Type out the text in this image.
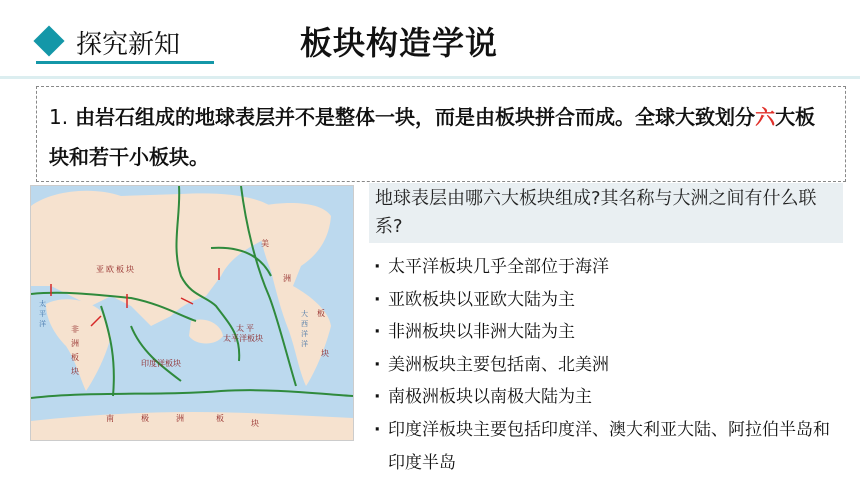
探究新知	板块构造学说
1. 由岩石组成的地球表层并不是整体一块，而是由板块拼合而成。全球大致划分六大板块和若干小板块。
亚 欧 板 块
太平洋板块
太 平
印度洋板块
美
洲
板
块
非
洲
板
块
南	极	洲	板
块
太
平
洋
大
西
洋
洋
地球表层由哪六大板块组成?其名称与大洲之间有什么联系?
· 太平洋板块几乎全部位于海洋
· 亚欧板块以亚欧大陆为主
· 非洲板块以非洲大陆为主
· 美洲板块主要包括南、北美洲
· 南极洲板块以南极大陆为主
· 印度洋板块主要包括印度洋、澳大利亚大陆、阿拉伯半岛和印度半岛
